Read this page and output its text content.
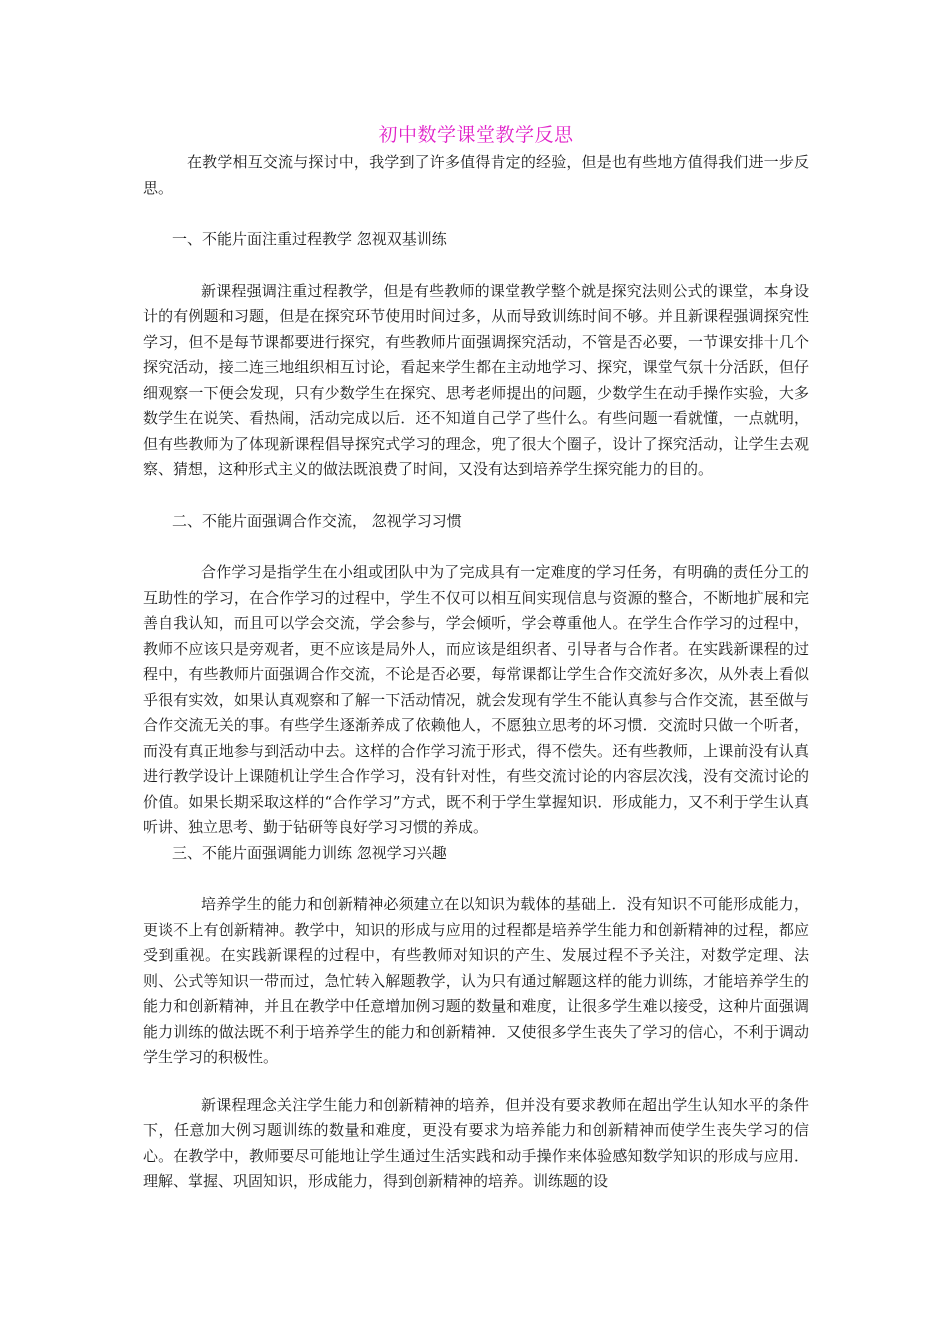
初中数学课堂教学反思

在教学相互交流与探讨中，我学到了许多值得肯定的经验，但是也有些地方值得我们进一步反思。

一、不能片面注重过程教学 忽视双基训练

新课程强调注重过程教学，但是有些教师的课堂教学整个就是探究法则公式的课堂，本身设计的有例题和习题，但是在探究环节使用时间过多，从而导致训练时间不够。并且新课程强调探究性学习，但不是每节课都要进行探究，有些教师片面强调探究活动，不管是否必要，一节课安排十几个探究活动，接二连三地组织相互讨论，看起来学生都在主动地学习、探究，课堂气氛十分活跃，但仔细观察一下便会发现，只有少数学生在探究、思考老师提出的问题，少数学生在动手操作实验，大多数学生在说笑、看热闹，活动完成以后．还不知道自己学了些什么。有些问题一看就懂，一点就明，但有些教师为了体现新课程倡导探究式学习的理念，兜了很大个圈子，设计了探究活动，让学生去观察、猜想，这种形式主义的做法既浪费了时间，又没有达到培养学生探究能力的目的。

二、不能片面强调合作交流， 忽视学习习惯

合作学习是指学生在小组或团队中为了完成具有一定难度的学习任务，有明确的责任分工的互助性的学习，在合作学习的过程中，学生不仅可以相互间实现信息与资源的整合，不断地扩展和完善自我认知，而且可以学会交流，学会参与，学会倾听，学会尊重他人。在学生合作学习的过程中，教师不应该只是旁观者，更不应该是局外人，而应该是组织者、引导者与合作者。在实践新课程的过程中，有些教师片面强调合作交流，不论是否必要，每常课都让学生合作交流好多次，从外表上看似乎很有实效，如果认真观察和了解一下活动情况，就会发现有学生不能认真参与合作交流，甚至做与合作交流无关的事。有些学生逐渐养成了依赖他人，不愿独立思考的坏习惯．交流时只做一个听者，而没有真正地参与到活动中去。这样的合作学习流于形式，得不偿失。还有些教师，上课前没有认真进行教学设计上课随机让学生合作学习，没有针对性，有些交流讨论的内容层次浅，没有交流讨论的价值。如果长期采取这样的“合作学习”方式，既不利于学生掌握知识．形成能力，又不利于学生认真听讲、独立思考、勤于钻研等良好学习习惯的养成。

三、不能片面强调能力训练 忽视学习兴趣

培养学生的能力和创新精神必须建立在以知识为载体的基础上．没有知识不可能形成能力，更谈不上有创新精神。教学中，知识的形成与应用的过程都是培养学生能力和创新精神的过程，都应受到重视。在实践新课程的过程中，有些教师对知识的产生、发展过程不予关注，对数学定理、法则、公式等知识一带而过，急忙转入解题教学，认为只有通过解题这样的能力训练，才能培养学生的能力和创新精神，并且在教学中任意增加例习题的数量和难度，让很多学生难以接受，这种片面强调能力训练的做法既不利于培养学生的能力和创新精神．又使很多学生丧失了学习的信心，不利于调动学生学习的积极性。

新课程理念关注学生能力和创新精神的培养，但并没有要求教师在超出学生认知水平的条件下，任意加大例习题训练的数量和难度，更没有要求为培养能力和创新精神而使学生丧失学习的信心。在教学中，教师要尽可能地让学生通过生活实践和动手操作来体验感知数学知识的形成与应用．理解、掌握、巩固知识，形成能力，得到创新精神的培养。训练题的设
